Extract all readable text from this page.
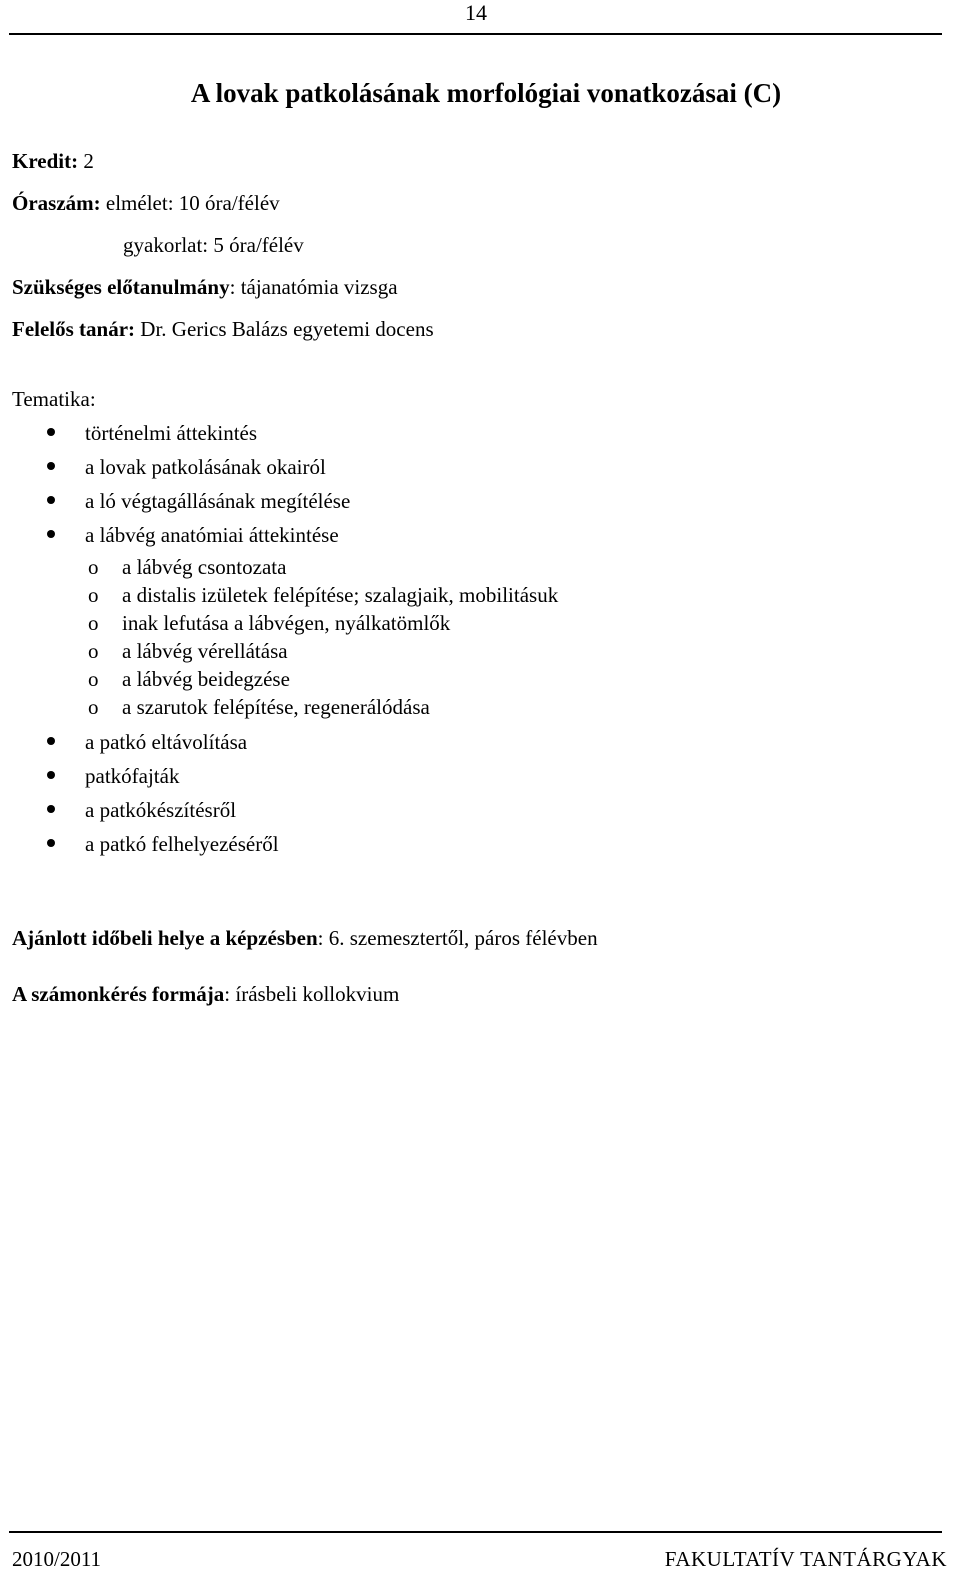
14
A lovak patkolásának morfológiai vonatkozásai (C)
Kredit: 2
Óraszám: elmélet: 10 óra/félév
gyakorlat: 5 óra/félév
Szükséges előtanulmány: tájanatómia vizsga
Felelős tanár: Dr. Gerics Balázs egyetemi docens
Tematika:
történelmi áttekintés
a lovak patkolásának okairól
a ló végtagállásának megítélése
a lábvég anatómiai áttekintése
o a lábvég csontozata
o a distalis izületek felépítése; szalagjaik, mobilitásuk
o inak lefutása a lábvégen, nyálkatömlők
o a lábvég vérellátása
o a lábvég beidegzése
o a szarutok felépítése, regenerálódása
a patkó eltávolítása
patkófajták
a patkókészítésről
a patkó felhelyezéséről
Ajánlott időbeli helye a képzésben: 6. szemesztertől, páros félévben
A számonkérés formája: írásbeli kollokvium
2010/2011	FAKULTATÍV TANTÁRGYAK
